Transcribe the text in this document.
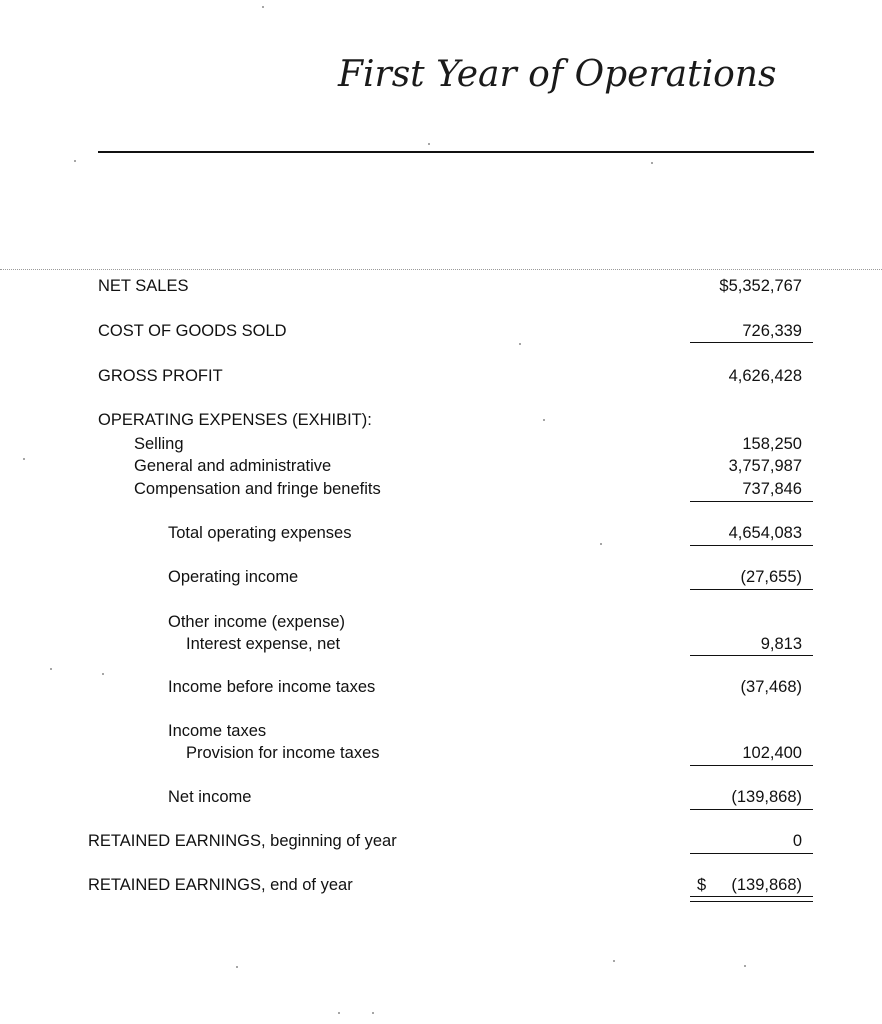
First Year of Operations
NET SALES	$5,352,767
COST OF GOODS SOLD	726,339
GROSS PROFIT	4,626,428
OPERATING EXPENSES (EXHIBIT):
Selling	158,250
General and administrative	3,757,987
Compensation and fringe benefits	737,846
Total operating expenses	4,654,083
Operating income	(27,655)
Other income (expense)
Interest expense, net	9,813
Income before income taxes	(37,468)
Income taxes
Provision for income taxes	102,400
Net income	(139,868)
RETAINED EARNINGS, beginning of year	0
RETAINED EARNINGS, end of year	$ (139,868)
